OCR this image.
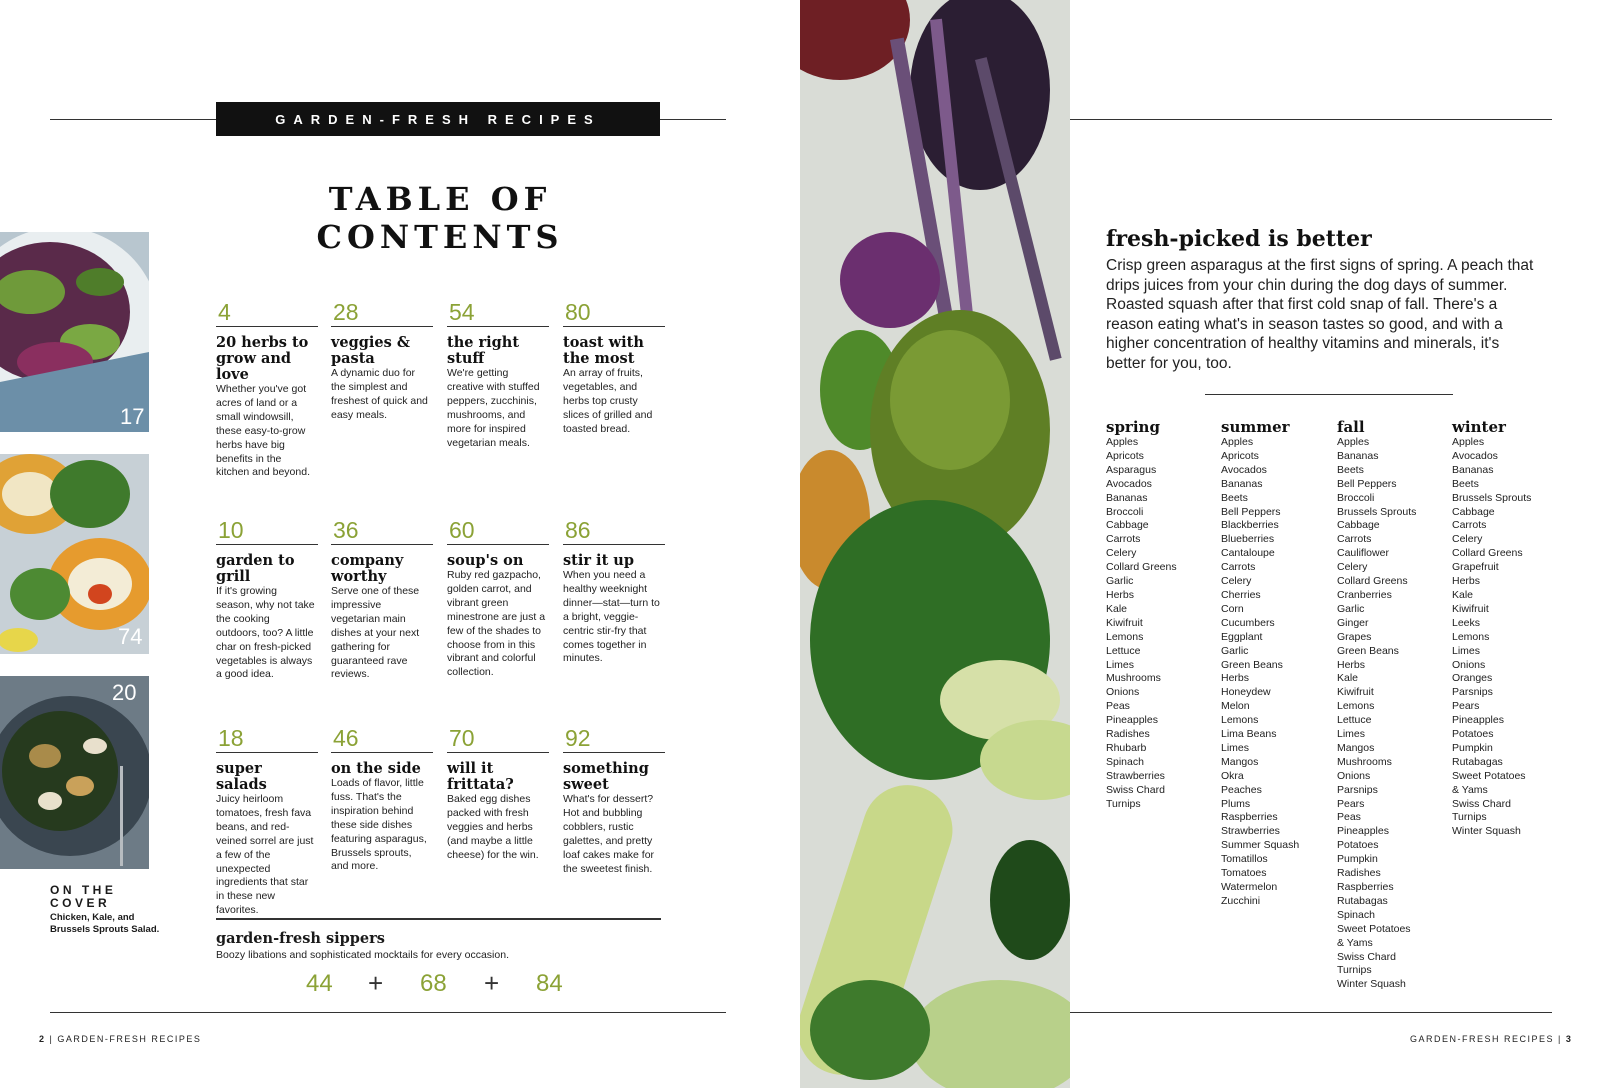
GARDEN-FRESH RECIPES
TABLE OF
CONTENTS
17
74
20
ON THE
COVER
Chicken, Kale, and Brussels Sprouts Salad.
4
20 herbs to grow and love
Whether you've got acres of land or a small windowsill, these easy-to-grow herbs have big benefits in the kitchen and beyond.
28
veggies & pasta
A dynamic duo for the simplest and freshest of quick and easy meals.
54
the right stuff
We're getting creative with stuffed peppers, zucchinis, mushrooms, and more for inspired vegetarian meals.
80
toast with the most
An array of fruits, vegetables, and herbs top crusty slices of grilled and toasted bread.
10
garden to grill
If it's growing season, why not take the cooking outdoors, too? A little char on fresh-picked vegetables is always a good idea.
36
company worthy
Serve one of these impressive vegetarian main dishes at your next gathering for guaranteed rave reviews.
60
soup's on
Ruby red gazpacho, golden carrot, and vibrant green minestrone are just a few of the shades to choose from in this vibrant and colorful collection.
86
stir it up
When you need a healthy weeknight dinner—stat—turn to a bright, veggie-centric stir-fry that comes together in minutes.
18
super salads
Juicy heirloom tomatoes, fresh fava beans, and red-veined sorrel are just a few of the unexpected ingredients that star in these new favorites.
46
on the side
Loads of flavor, little fuss. That's the inspiration behind these side dishes featuring asparagus, Brussels sprouts, and more.
70
will it frittata?
Baked egg dishes packed with fresh veggies and herbs (and maybe a little cheese) for the win.
92
something sweet
What's for dessert? Hot and bubbling cobblers, rustic galettes, and pretty loaf cakes make for the sweetest finish.
garden-fresh sippers
Boozy libations and sophisticated mocktails for every occasion.
44 + 68 + 84
2 | GARDEN-FRESH RECIPES
fresh-picked is better
Crisp green asparagus at the first signs of spring. A peach that drips juices from your chin during the dog days of summer. Roasted squash after that first cold snap of fall. There's a reason eating what's in season tastes so good, and with a higher concentration of healthy vitamins and minerals, it's better for you, too.
spring
Apples
Apricots
Asparagus
Avocados
Bananas
Broccoli
Cabbage
Carrots
Celery
Collard Greens
Garlic
Herbs
Kale
Kiwifruit
Lemons
Lettuce
Limes
Mushrooms
Onions
Peas
Pineapples
Radishes
Rhubarb
Spinach
Strawberries
Swiss Chard
Turnips
summer
Apples
Apricots
Avocados
Bananas
Beets
Bell Peppers
Blackberries
Blueberries
Cantaloupe
Carrots
Celery
Cherries
Corn
Cucumbers
Eggplant
Garlic
Green Beans
Herbs
Honeydew
Melon
Lemons
Lima Beans
Limes
Mangos
Okra
Peaches
Plums
Raspberries
Strawberries
Summer Squash
Tomatillos
Tomatoes
Watermelon
Zucchini
fall
Apples
Bananas
Beets
Bell Peppers
Broccoli
Brussels Sprouts
Cabbage
Carrots
Cauliflower
Celery
Collard Greens
Cranberries
Garlic
Ginger
Grapes
Green Beans
Herbs
Kale
Kiwifruit
Lemons
Lettuce
Limes
Mangos
Mushrooms
Onions
Parsnips
Pears
Peas
Pineapples
Potatoes
Pumpkin
Radishes
Raspberries
Rutabagas
Spinach
Sweet Potatoes
& Yams
Swiss Chard
Turnips
Winter Squash
winter
Apples
Avocados
Bananas
Beets
Brussels Sprouts
Cabbage
Carrots
Celery
Collard Greens
Grapefruit
Herbs
Kale
Kiwifruit
Leeks
Lemons
Limes
Onions
Oranges
Parsnips
Pears
Pineapples
Potatoes
Pumpkin
Rutabagas
Sweet Potatoes
& Yams
Swiss Chard
Turnips
Winter Squash
GARDEN-FRESH RECIPES | 3
